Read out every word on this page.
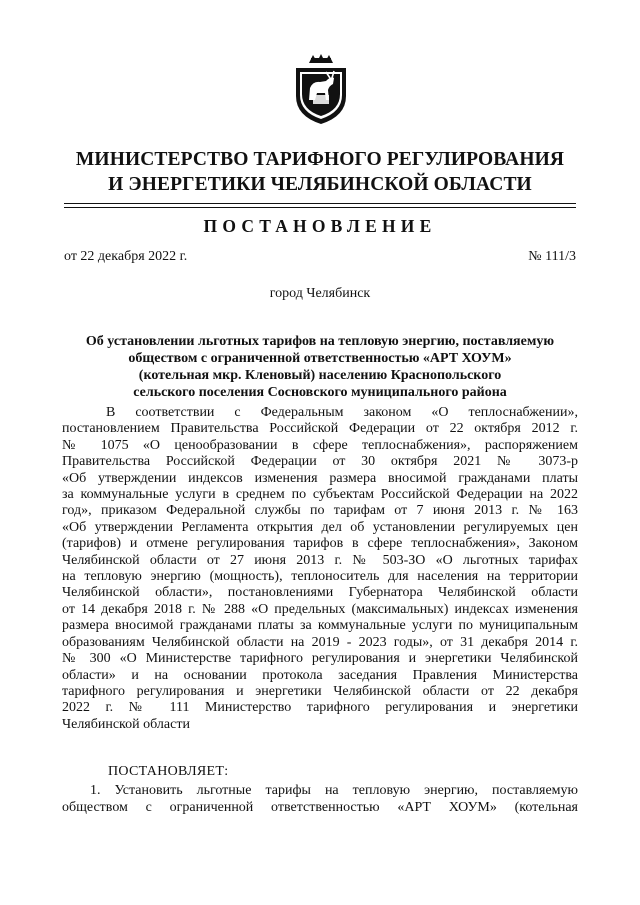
МИНИСТЕРСТВО ТАРИФНОГО РЕГУЛИРОВАНИЯ
И ЭНЕРГЕТИКИ ЧЕЛЯБИНСКОЙ ОБЛАСТИ
ПОСТАНОВЛЕНИЕ
от 22 декабря 2022 г.	№ 111/3
город Челябинск
Об установлении льготных тарифов на тепловую энергию, поставляемую
обществом с ограниченной ответственностью «АРТ ХОУМ»
(котельная мкр. Кленовый) населению Краснопольского
сельского поселения Сосновского муниципального района
В соответствии с Федеральным законом «О теплоснабжении»,
постановлением Правительства Российской Федерации от 22 октября 2012 г.
№ 1075 «О ценообразовании в сфере теплоснабжения», распоряжением
Правительства Российской Федерации от 30 октября 2021 № 3073-р
«Об утверждении индексов изменения размера вносимой гражданами платы
за коммунальные услуги в среднем по субъектам Российской Федерации на 2022
год», приказом Федеральной службы по тарифам от 7 июня 2013 г. № 163
«Об утверждении Регламента открытия дел об установлении регулируемых цен
(тарифов) и отмене регулирования тарифов в сфере теплоснабжения», Законом
Челябинской области от 27 июня 2013 г. № 503-ЗО «О льготных тарифах
на тепловую энергию (мощность), теплоноситель для населения на территории
Челябинской области», постановлениями Губернатора Челябинской области
от 14 декабря 2018 г. № 288 «О предельных (максимальных) индексах изменения
размера вносимой гражданами платы за коммунальные услуги по муниципальным
образованиям Челябинской области на 2019 - 2023 годы», от 31 декабря 2014 г.
№ 300 «О Министерстве тарифного регулирования и энергетики Челябинской
области» и на основании протокола заседания Правления Министерства
тарифного регулирования и энергетики Челябинской области от 22 декабря
2022 г. № 111 Министерство тарифного регулирования и энергетики
Челябинской области
ПОСТАНОВЛЯЕТ:
1. Установить льготные тарифы на тепловую энергию, поставляемую
обществом с ограниченной ответственностью «АРТ ХОУМ» (котельная
